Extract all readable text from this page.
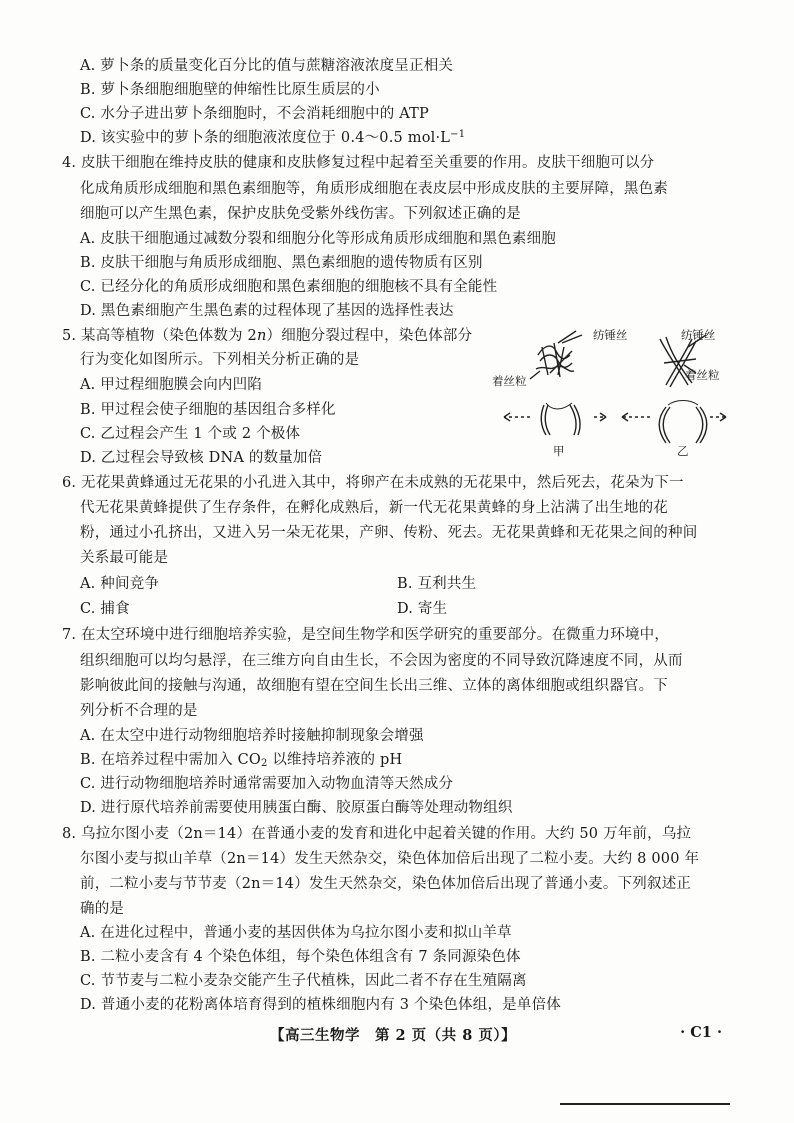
A. 萝卜条的质量变化百分比的值与蔗糖溶液浓度呈正相关
B. 萝卜条细胞细胞壁的伸缩性比原生质层的小
C. 水分子进出萝卜条细胞时，不会消耗细胞中的 ATP
D. 该实验中的萝卜条的细胞液浓度位于 0.4～0.5 $mol\cdot L^{-1}$
4. 皮肤干细胞在维持皮肤的健康和皮肤修复过程中起着至关重要的作用。皮肤干细胞可以分
化成角质形成细胞和黑色素细胞等，角质形成细胞在表皮层中形成皮肤的主要屏障，黑色素
细胞可以产生黑色素，保护皮肤免受紫外线伤害。下列叙述正确的是
A. 皮肤干细胞通过减数分裂和细胞分化等形成角质形成细胞和黑色素细胞
B. 皮肤干细胞与角质形成细胞、黑色素细胞的遗传物质有区别
C. 已经分化的角质形成细胞和黑色素细胞的细胞核不具有全能性
D. 黑色素细胞产生黑色素的过程体现了基因的选择性表达
5. 某高等植物（染色体数为 2n）细胞分裂过程中，染色体部分
行为变化如图所示。下列相关分析正确的是
A. 甲过程细胞膜会向内凹陷
B. 甲过程会使子细胞的基因组合多样化
C. 乙过程会产生 1 个或 2 个极体
D. 乙过程会导致核 DNA 的数量加倍
纺锤丝	纺锤丝
着丝粒	着丝粒
甲	乙
6. 无花果黄蜂通过无花果的小孔进入其中，将卵产在未成熟的无花果中，然后死去，花朵为下一
代无花果黄蜂提供了生存条件，在孵化成熟后，新一代无花果黄蜂的身上沾满了出生地的花
粉，通过小孔挤出，又进入另一朵无花果，产卵、传粉、死去。无花果黄蜂和无花果之间的种间
关系最可能是
A. 种间竞争	B. 互利共生
C. 捕食	D. 寄生
7. 在太空环境中进行细胞培养实验，是空间生物学和医学研究的重要部分。在微重力环境中，
组织细胞可以均匀悬浮，在三维方向自由生长，不会因为密度的不同导致沉降速度不同，从而
影响彼此间的接触与沟通，故细胞有望在空间生长出三维、立体的离体细胞或组织器官。下
列分析不合理的是
A. 在太空中进行动物细胞培养时接触抑制现象会增强
B. 在培养过程中需加入 $CO_2$ 以维持培养液的 pH
C. 进行动物细胞培养时通常需要加入动物血清等天然成分
D. 进行原代培养前需要使用胰蛋白酶、胶原蛋白酶等处理动物组织
8. 乌拉尔图小麦（2n＝14）在普通小麦的发育和进化中起着关键的作用。大约 50 万年前，乌拉
尔图小麦与拟山羊草（2n＝14）发生天然杂交，染色体加倍后出现了二粒小麦。大约 8 000 年
前，二粒小麦与节节麦（2n＝14）发生天然杂交，染色体加倍后出现了普通小麦。下列叙述正
确的是
A. 在进化过程中，普通小麦的基因供体为乌拉尔图小麦和拟山羊草
B. 二粒小麦含有 4 个染色体组，每个染色体组含有 7 条同源染色体
C. 节节麦与二粒小麦杂交能产生子代植株，因此二者不存在生殖隔离
D. 普通小麦的花粉离体培育得到的植株细胞内有 3 个染色体组，是单倍体
【高三生物学　第 2 页（共 8 页）】	· C1 ·
